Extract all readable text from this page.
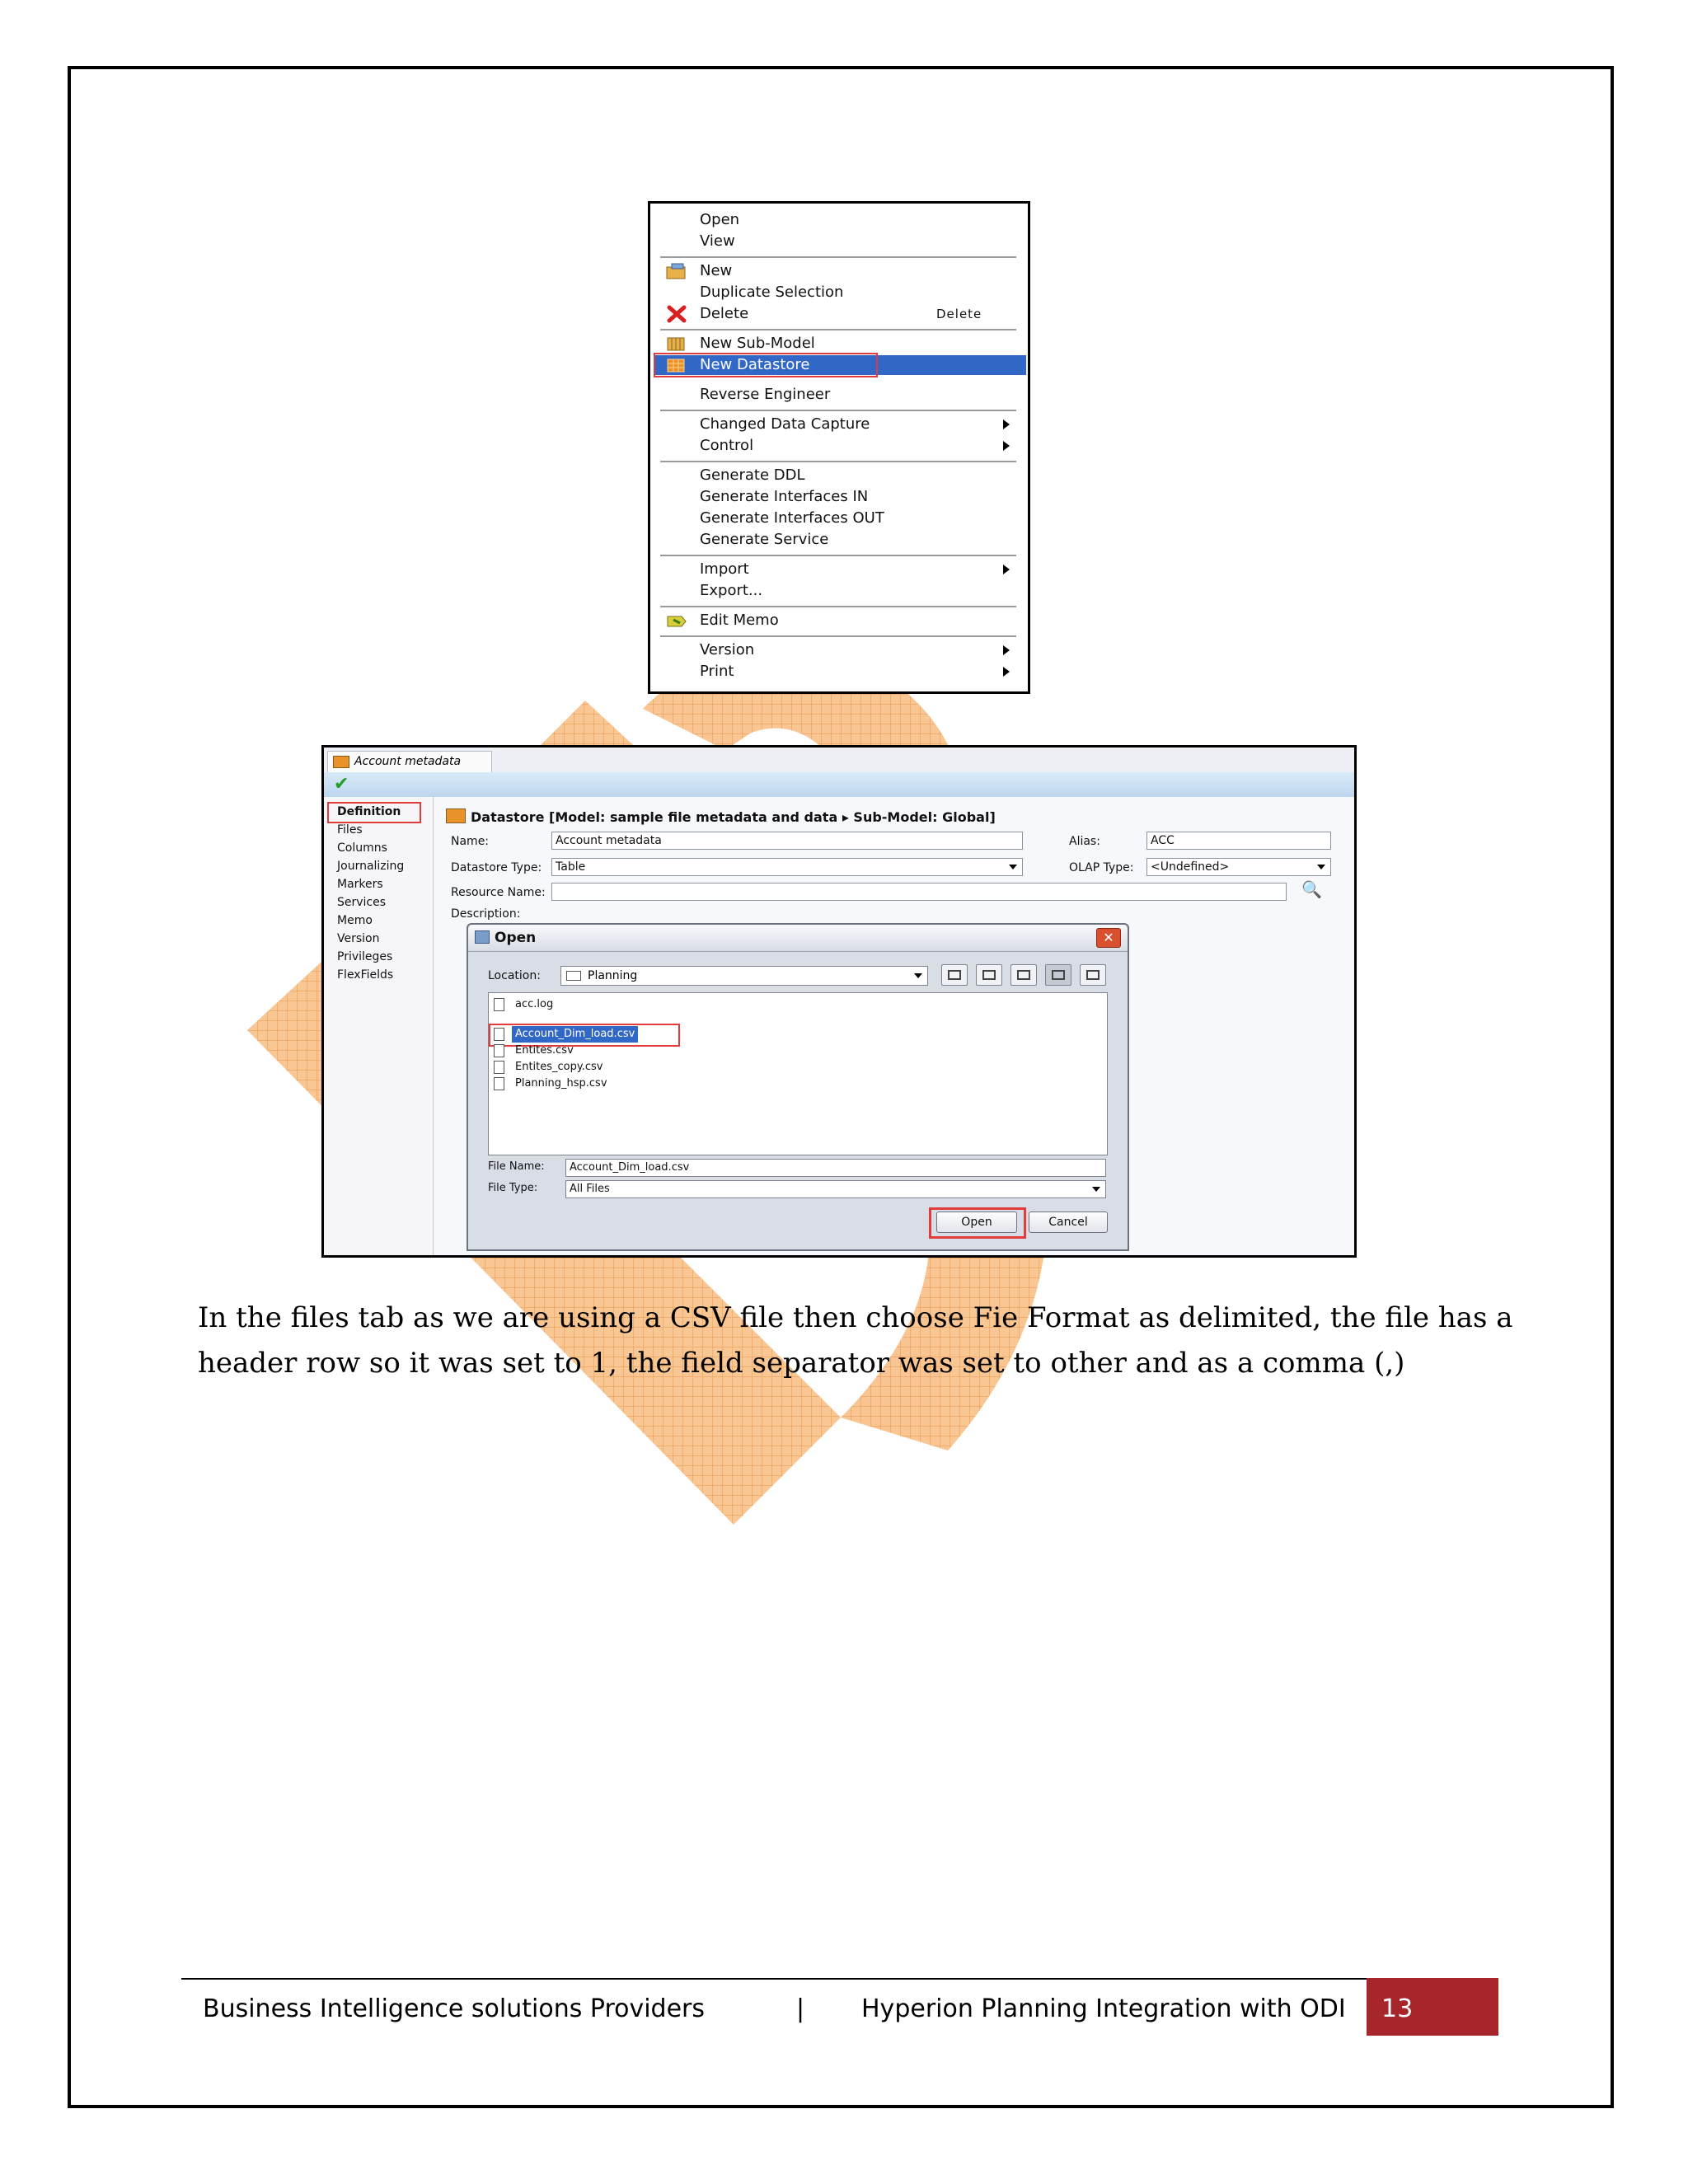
Open
View
New
Duplicate Selection
Delete	Delete
New Sub-Model
New Datastore
Reverse Engineer
Changed Data Capture
Control
Generate DDL
Generate Interfaces IN
Generate Interfaces OUT
Generate Service
Import
Export...
Edit Memo
Version
Print
Account metadata
✔
Definition
Files
Columns
Journalizing
Markers
Services
Memo
Version
Privileges
FlexFields
Datastore [Model: sample file metadata and data ▸ Sub-Model: Global]
Name:	Account metadata	Alias:	ACC
Datastore Type:	Table	OLAP Type:	<Undefined>
Resource Name:	🔍
Description:
Open	✕
Location:	Planning
acc.log
Account_Dim_load.csv
Entites.csv
Entites_copy.csv
Planning_hsp.csv
File Name:	Account_Dim_load.csv
File Type:	All Files
Open	Cancel
In the files tab as we are using a CSV file then choose Fie Format as delimited, the file has a header row so it was set to 1, the field separator was set to other and as a comma (,)
Business Intelligence solutions Providers	| Hyperion Planning Integration with ODI 13
